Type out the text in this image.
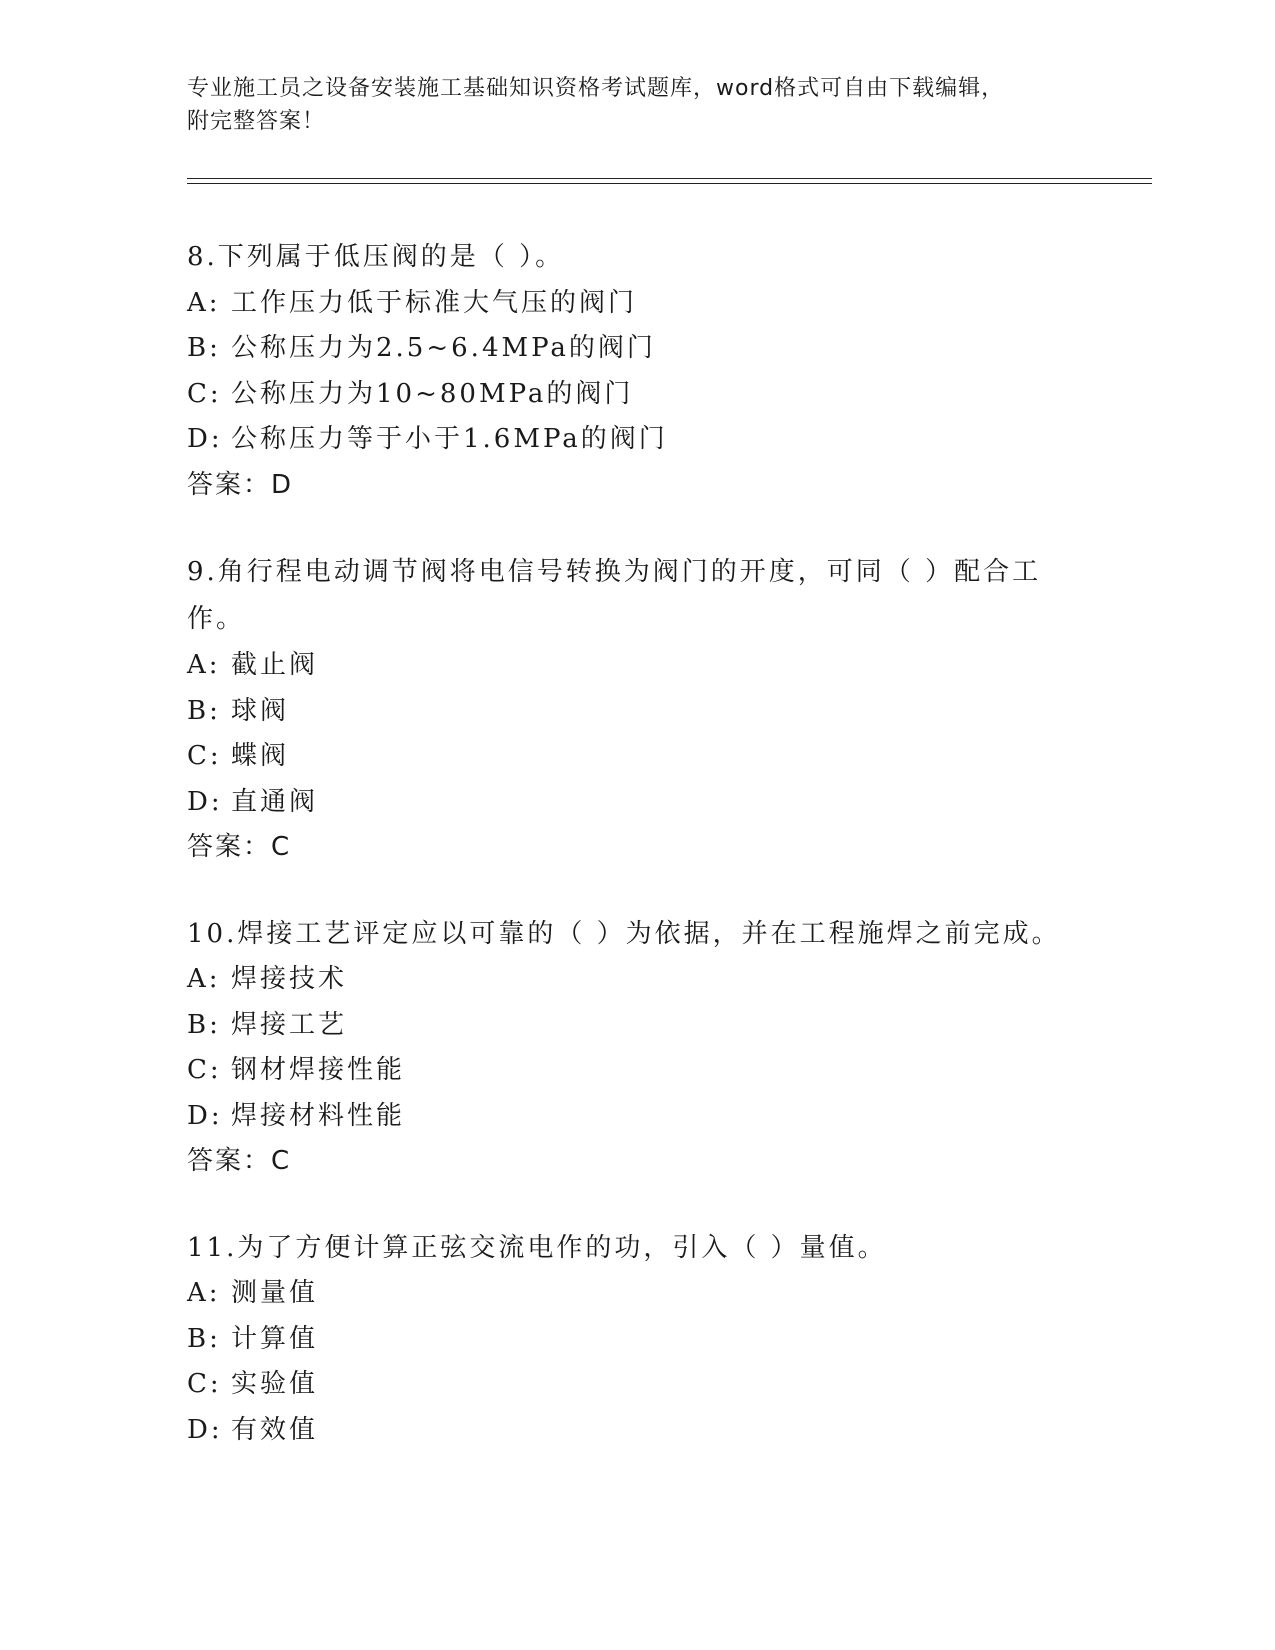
专业施工员之设备安装施工基础知识资格考试题库，word格式可自由下载编辑，
附完整答案！
8.下列属于低压阀的是（ ）。
A: 工作压力低于标准大气压的阀门
B: 公称压力为2.5~6.4MPa的阀门
C: 公称压力为10~80MPa的阀门
D: 公称压力等于小于1.6MPa的阀门
答案：D
9.角行程电动调节阀将电信号转换为阀门的开度，可同（ ）配合工作。
A: 截止阀
B: 球阀
C: 蝶阀
D: 直通阀
答案：C
10.焊接工艺评定应以可靠的（ ）为依据，并在工程施焊之前完成。
A: 焊接技术
B: 焊接工艺
C: 钢材焊接性能
D: 焊接材料性能
答案：C
11.为了方便计算正弦交流电作的功，引入（ ）量值。
A: 测量值
B: 计算值
C: 实验值
D: 有效值
